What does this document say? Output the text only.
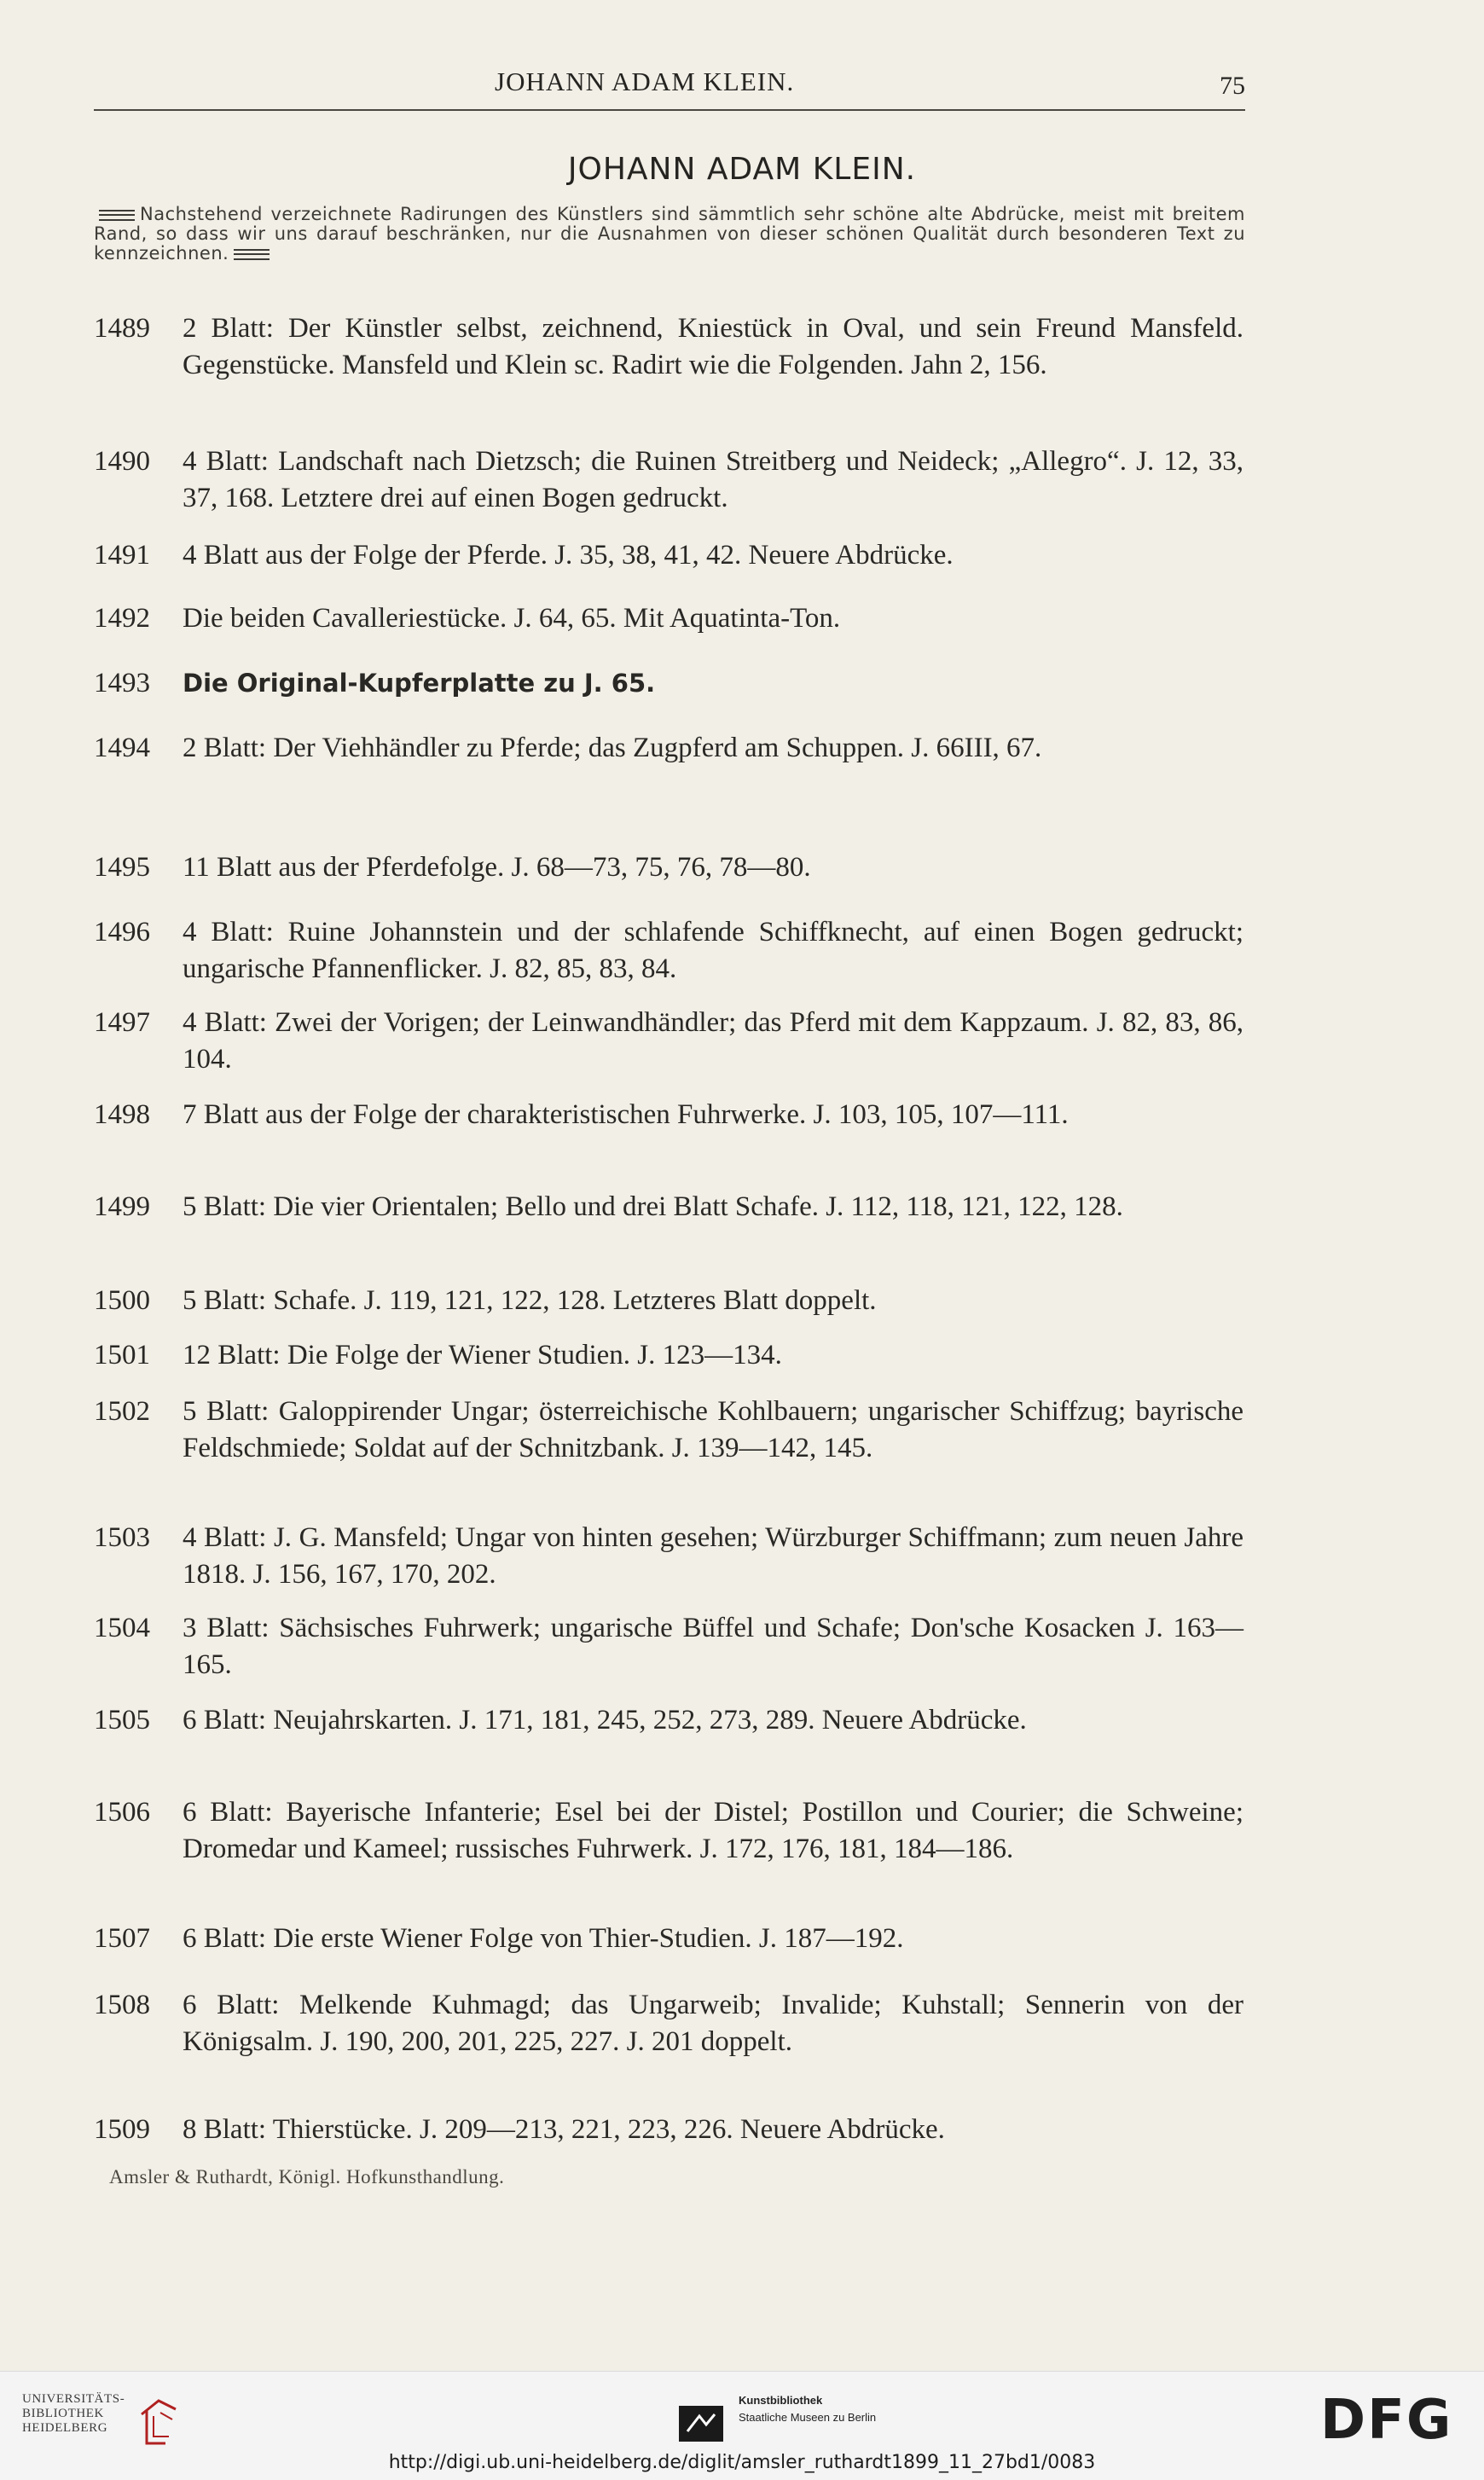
JOHANN ADAM KLEIN.	75
JOHANN ADAM KLEIN.
Nachstehend verzeichnete Radirungen des Künstlers sind sämmtlich sehr schöne alte Abdrücke, meist mit breitem Rand, so dass wir uns darauf beschränken, nur die Ausnahmen von dieser schönen Qualität durch besonderen Text zu kennzeichnen.
1489	2 Blatt: Der Künstler selbst, zeichnend, Kniestück in Oval, und sein Freund Mansfeld. Gegenstücke. Mansfeld und Klein sc. Radirt wie die Folgenden. Jahn 2, 156.
1490	4 Blatt: Landschaft nach Dietzsch; die Ruinen Streitberg und Neideck; „Allegro“. J. 12, 33, 37, 168. Letztere drei auf einen Bogen gedruckt.
1491	4 Blatt aus der Folge der Pferde. J. 35, 38, 41, 42. Neuere Abdrücke.
1492	Die beiden Cavalleriestücke. J. 64, 65. Mit Aquatinta-Ton.
1493	Die Original-Kupferplatte zu J. 65.
1494	2 Blatt: Der Viehhändler zu Pferde; das Zugpferd am Schuppen. J. 66III, 67.
1495	11 Blatt aus der Pferdefolge. J. 68—73, 75, 76, 78—80.
1496	4 Blatt: Ruine Johannstein und der schlafende Schiffknecht, auf einen Bogen gedruckt; ungarische Pfannenflicker. J. 82, 85, 83, 84.
1497	4 Blatt: Zwei der Vorigen; der Leinwandhändler; das Pferd mit dem Kappzaum. J. 82, 83, 86, 104.
1498	7 Blatt aus der Folge der charakteristischen Fuhrwerke. J. 103, 105, 107—111.
1499	5 Blatt: Die vier Orientalen; Bello und drei Blatt Schafe. J. 112, 118, 121, 122, 128.
1500	5 Blatt: Schafe. J. 119, 121, 122, 128. Letzteres Blatt doppelt.
1501	12 Blatt: Die Folge der Wiener Studien. J. 123—134.
1502	5 Blatt: Galoppirender Ungar; österreichische Kohlbauern; ungarischer Schiffzug; bayrische Feldschmiede; Soldat auf der Schnitzbank. J. 139—142, 145.
1503	4 Blatt: J. G. Mansfeld; Ungar von hinten gesehen; Würzburger Schiffmann; zum neuen Jahre 1818. J. 156, 167, 170, 202.
1504	3 Blatt: Sächsisches Fuhrwerk; ungarische Büffel und Schafe; Don'sche Kosacken J. 163—165.
1505	6 Blatt: Neujahrskarten. J. 171, 181, 245, 252, 273, 289. Neuere Abdrücke.
1506	6 Blatt: Bayerische Infanterie; Esel bei der Distel; Postillon und Courier; die Schweine; Dromedar und Kameel; russisches Fuhrwerk. J. 172, 176, 181, 184—186.
1507	6 Blatt: Die erste Wiener Folge von Thier-Studien. J. 187—192.
1508	6 Blatt: Melkende Kuhmagd; das Ungarweib; Invalide; Kuhstall; Sennerin von der Königsalm. J. 190, 200, 201, 225, 227. J. 201 doppelt.
1509	8 Blatt: Thierstücke. J. 209—213, 221, 223, 226. Neuere Abdrücke.
Amsler & Ruthardt, Königl. Hofkunsthandlung.
UNIVERSITÄTS-
BIBLIOTHEK
HEIDELBERG
Kunstbibliothek
Staatliche Museen zu Berlin	DFG
http://digi.ub.uni-heidelberg.de/diglit/amsler_ruthardt1899_11_27bd1/0083
